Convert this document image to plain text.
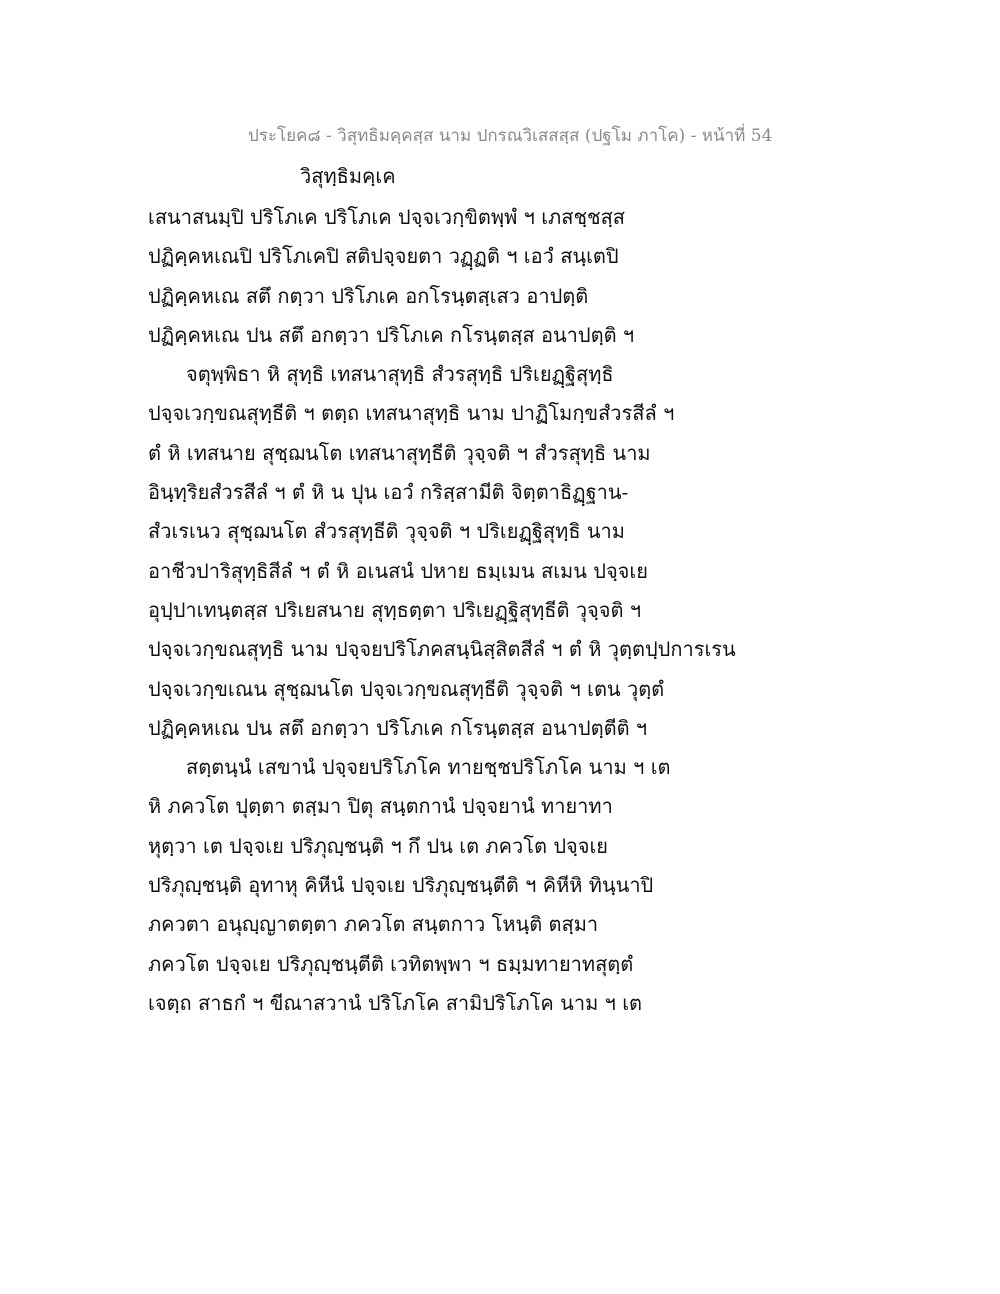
ประโยค๘ - วิสุทธิมคฺคสฺส นาม ปกรณวิเสสสฺส (ปฐโม ภาโค) - หน้าที่ 54
วิสุทฺธิมคฺเค
เสนาสนมฺปิ ปริโภเค ปริโภเค ปจฺจเวกฺขิตพฺพํ ฯ เภสชฺชสฺส
ปฏิคฺคหเณปิ ปริโภเคปิ สติปจฺจยตา วฏฺฏติ ฯ เอวํ สนฺเตปิ
ปฏิคฺคหเณ สตึ กตฺวา ปริโภเค อกโรนฺตสฺเสว อาปตฺติ
ปฏิคฺคหเณ ปน สตึ อกตฺวา ปริโภเค กโรนฺตสฺส อนาปตฺติ ฯ
จตุพฺพิธา หิ สุทฺธิ เทสนาสุทฺธิ สํวรสุทฺธิ ปริเยฏฺฐิสุทฺธิ
ปจฺจเวกฺขณสุทฺธีติ ฯ ตตฺถ เทสนาสุทฺธิ นาม ปาฏิโมกฺขสํวรสีลํ ฯ
ตํ หิ เทสนาย สุชฺฌนโต เทสนาสุทฺธีติ วุจฺจติ ฯ สํวรสุทฺธิ นาม
อินฺทฺริยสํวรสีลํ ฯ ตํ หิ น ปุน เอวํ กริสฺสามีติ จิตฺตาธิฏฺฐาน-
สํวเรเนว สุชฺฌนโต สํวรสุทฺธีติ วุจฺจติ ฯ ปริเยฏฺฐิสุทฺธิ นาม
อาชีวปาริสุทฺธิสีลํ ฯ ตํ หิ อเนสนํ ปหาย ธมฺเมน สเมน ปจฺจเย
อุปฺปาเทนฺตสฺส ปริเยสนาย สุทฺธตฺตา ปริเยฏฺฐิสุทฺธีติ วุจฺจติ ฯ
ปจฺจเวกฺขณสุทฺธิ นาม ปจฺจยปริโภคสนฺนิสฺสิตสีลํ ฯ ตํ หิ วุตฺตปฺปการเรน
ปจฺจเวกฺขเณน สุชฺฌนโต ปจฺจเวกฺขณสุทฺธีติ วุจฺจติ ฯ เตน วุตฺตํ
ปฏิคฺคหเณ ปน สตึ อกตฺวา ปริโภเค กโรนฺตสฺส อนาปตฺตีติ ฯ
สตฺตนฺนํ เสขานํ ปจฺจยปริโภโค ทายชฺชปริโภโค นาม ฯ เต
หิ ภควโต ปุตฺตา ตสฺมา ปิตุ สนฺตกานํ ปจฺจยานํ ทายาทา
หุตฺวา เต ปจฺจเย ปริภุญฺชนฺติ ฯ กึ ปน เต ภควโต ปจฺจเย
ปริภุญฺชนฺติ อุทาหุ คิหีนํ ปจฺจเย ปริภุญฺชนฺตีติ ฯ คิหีหิ ทินฺนาปิ
ภควตา อนุญฺญาตตฺตา ภควโต สนฺตกาว โหนฺติ ตสฺมา
ภควโต ปจฺจเย ปริภุญฺชนฺตีติ เวทิตพฺพา ฯ ธมฺมทายาทสุตฺตํ
เจตฺถ สาธกํ ฯ ขีณาสวานํ ปริโภโค สามิปริโภโค นาม ฯ เต
